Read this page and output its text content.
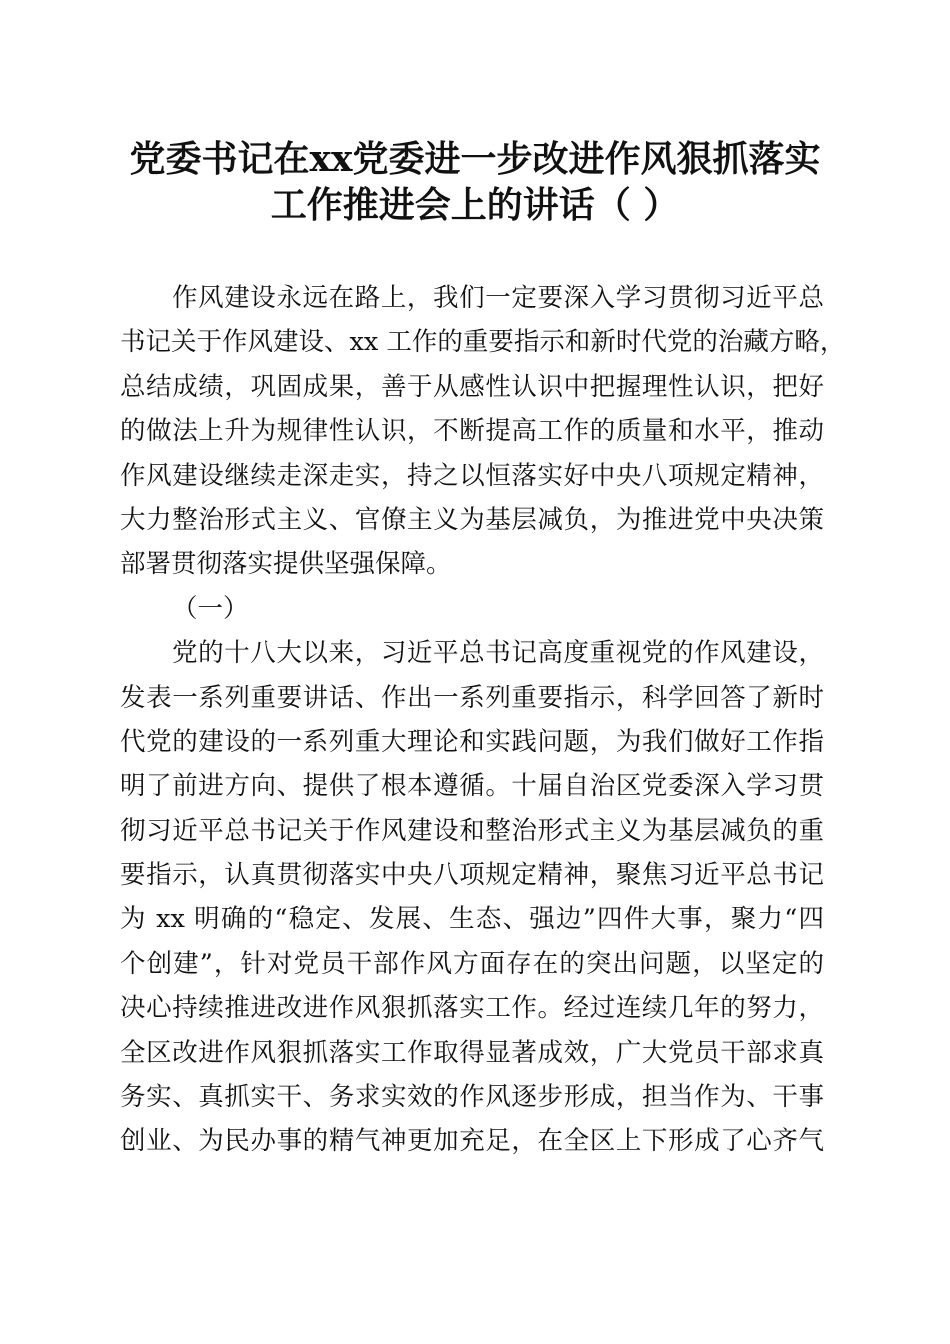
党委书记在xx党委进一步改进作风狠抓落实
工作推进会上的讲话（ ）
作风建设永远在路上，我们一定要深入学习贯彻习近平总
书记关于作风建设、xx 工作的重要指示和新时代党的治藏方略，
总结成绩，巩固成果，善于从感性认识中把握理性认识，把好
的做法上升为规律性认识，不断提高工作的质量和水平，推动
作风建设继续走深走实，持之以恒落实好中央八项规定精神，
大力整治形式主义、官僚主义为基层减负，为推进党中央决策
部署贯彻落实提供坚强保障。
（一）
党的十八大以来，习近平总书记高度重视党的作风建设，
发表一系列重要讲话、作出一系列重要指示，科学回答了新时
代党的建设的一系列重大理论和实践问题，为我们做好工作指
明了前进方向、提供了根本遵循。十届自治区党委深入学习贯
彻习近平总书记关于作风建设和整治形式主义为基层减负的重
要指示，认真贯彻落实中央八项规定精神，聚焦习近平总书记
为 xx 明确的“稳定、发展、生态、强边”四件大事，聚力“四
个创建”，针对党员干部作风方面存在的突出问题，以坚定的
决心持续推进改进作风狠抓落实工作。经过连续几年的努力，
全区改进作风狠抓落实工作取得显著成效，广大党员干部求真
务实、真抓实干、务求实效的作风逐步形成，担当作为、干事
创业、为民办事的精气神更加充足，在全区上下形成了心齐气
